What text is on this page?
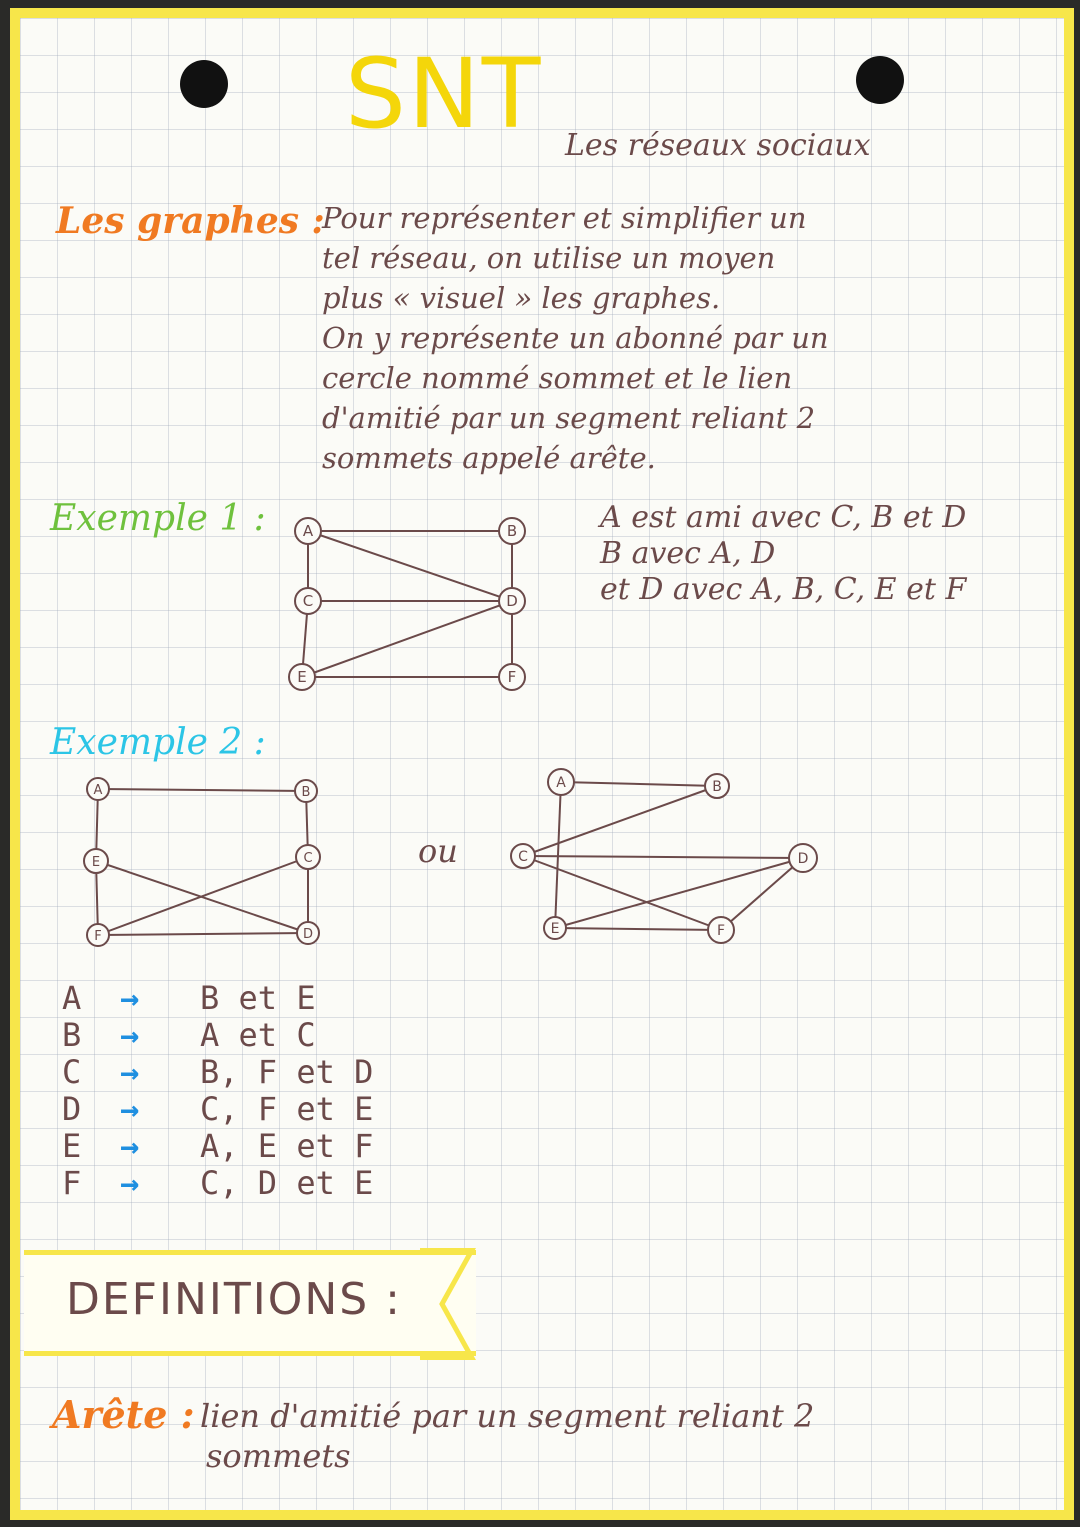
SNT Les réseaux sociaux
Les graphes :
Pour représenter et simplifier un
tel réseau, on utilise un moyen
plus « visuel » les graphes.
On y représente un abonné par un
cercle nommé sommet et le lien
d'amitié par un segment reliant 2
sommets appelé arête.
Exemple 1 : A	B
C	D
E	F
A est ami avec C, B et D
B avec A, D
et D avec A, B, C, E et F
Exemple 2 :
A	B
C
E
D
F
ou
A	B
C	D
E	F
A	→	B et E
B	→	A et C
C	→	B, F et D
D	→	C, F et E
E	→	A, E et F
F	→	C, D et E
DEFINITIONS :
Arête : lien d'amitié par un segment reliant 2
sommets
